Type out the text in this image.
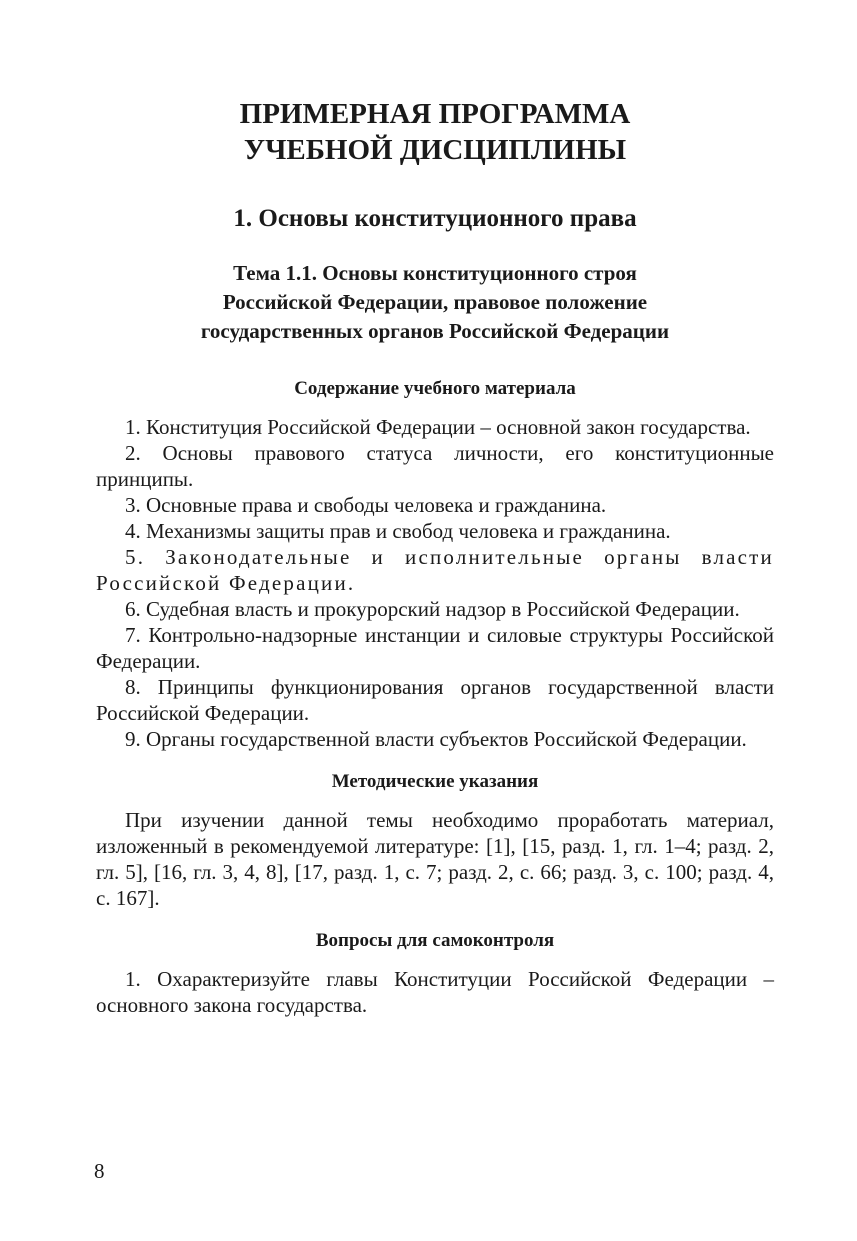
ПРИМЕРНАЯ ПРОГРАММА
УЧЕБНОЙ ДИСЦИПЛИНЫ
1. Основы конституционного права
Тема 1.1. Основы конституционного строя
Российской Федерации, правовое положение
государственных органов Российской Федерации
Содержание учебного материала

1. Конституция Российской Федерации – основной закон государства.

2. Основы правового статуса личности, его конституционные принципы.

3. Основные права и свободы человека и гражданина.

4. Механизмы защиты прав и свобод человека и гражданина.

5. Законодательные и исполнительные органы власти Российской Федерации.

6. Судебная власть и прокурорский надзор в Российской Федерации.

7. Контрольно-надзорные инстанции и силовые структуры Российской Федерации.

8. Принципы функционирования органов государственной власти Российской Федерации.

9. Органы государственной власти субъектов Российской Федерации.

Методические указания

При изучении данной темы необходимо проработать материал, изложенный в рекомендуемой литературе: [1], [15, разд. 1, гл. 1–4; разд. 2, гл. 5], [16, гл. 3, 4, 8], [17, разд. 1, с. 7; разд. 2, с. 66; разд. 3, с. 100; разд. 4, с. 167].

Вопросы для самоконтроля

1. Охарактеризуйте главы Конституции Российской Федерации – основного закона государства.

8
